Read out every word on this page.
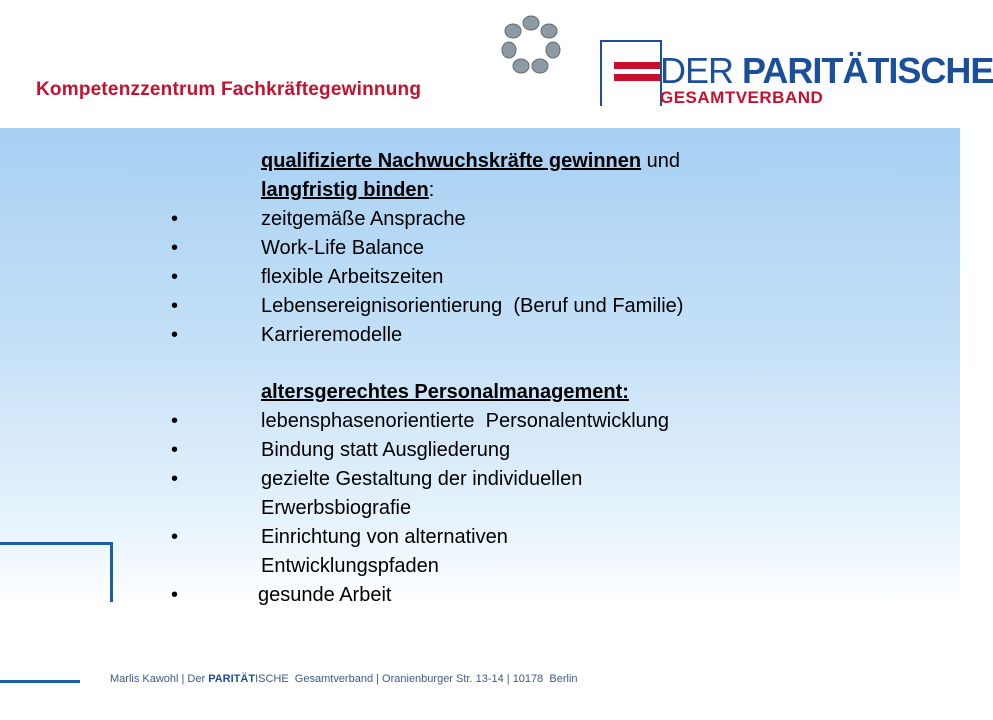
Kompetenzzentrum Fachkräftegewinnung	DER PARITÄTISCHE
GESAMTVERBAND
qualifizierte Nachwuchskräfte gewinnen und
langfristig binden:
•	zeitgemäße Ansprache
•	Work-Life Balance
•	flexible Arbeitszeiten
•	Lebensereignisorientierung  (Beruf und Familie)
•	Karrieremodelle
altersgerechtes Personalmanagement:
•	lebensphasenorientierte  Personalentwicklung
•	Bindung statt Ausgliederung
•	gezielte Gestaltung der individuellen
Erwerbsbiografie
•	Einrichtung von alternativen
Entwicklungspfaden
•	gesunde Arbeit
Marlis Kawohl | Der PARITÄTISCHE  Gesamtverband | Oranienburger Str. 13-14 | 10178  Berlin
